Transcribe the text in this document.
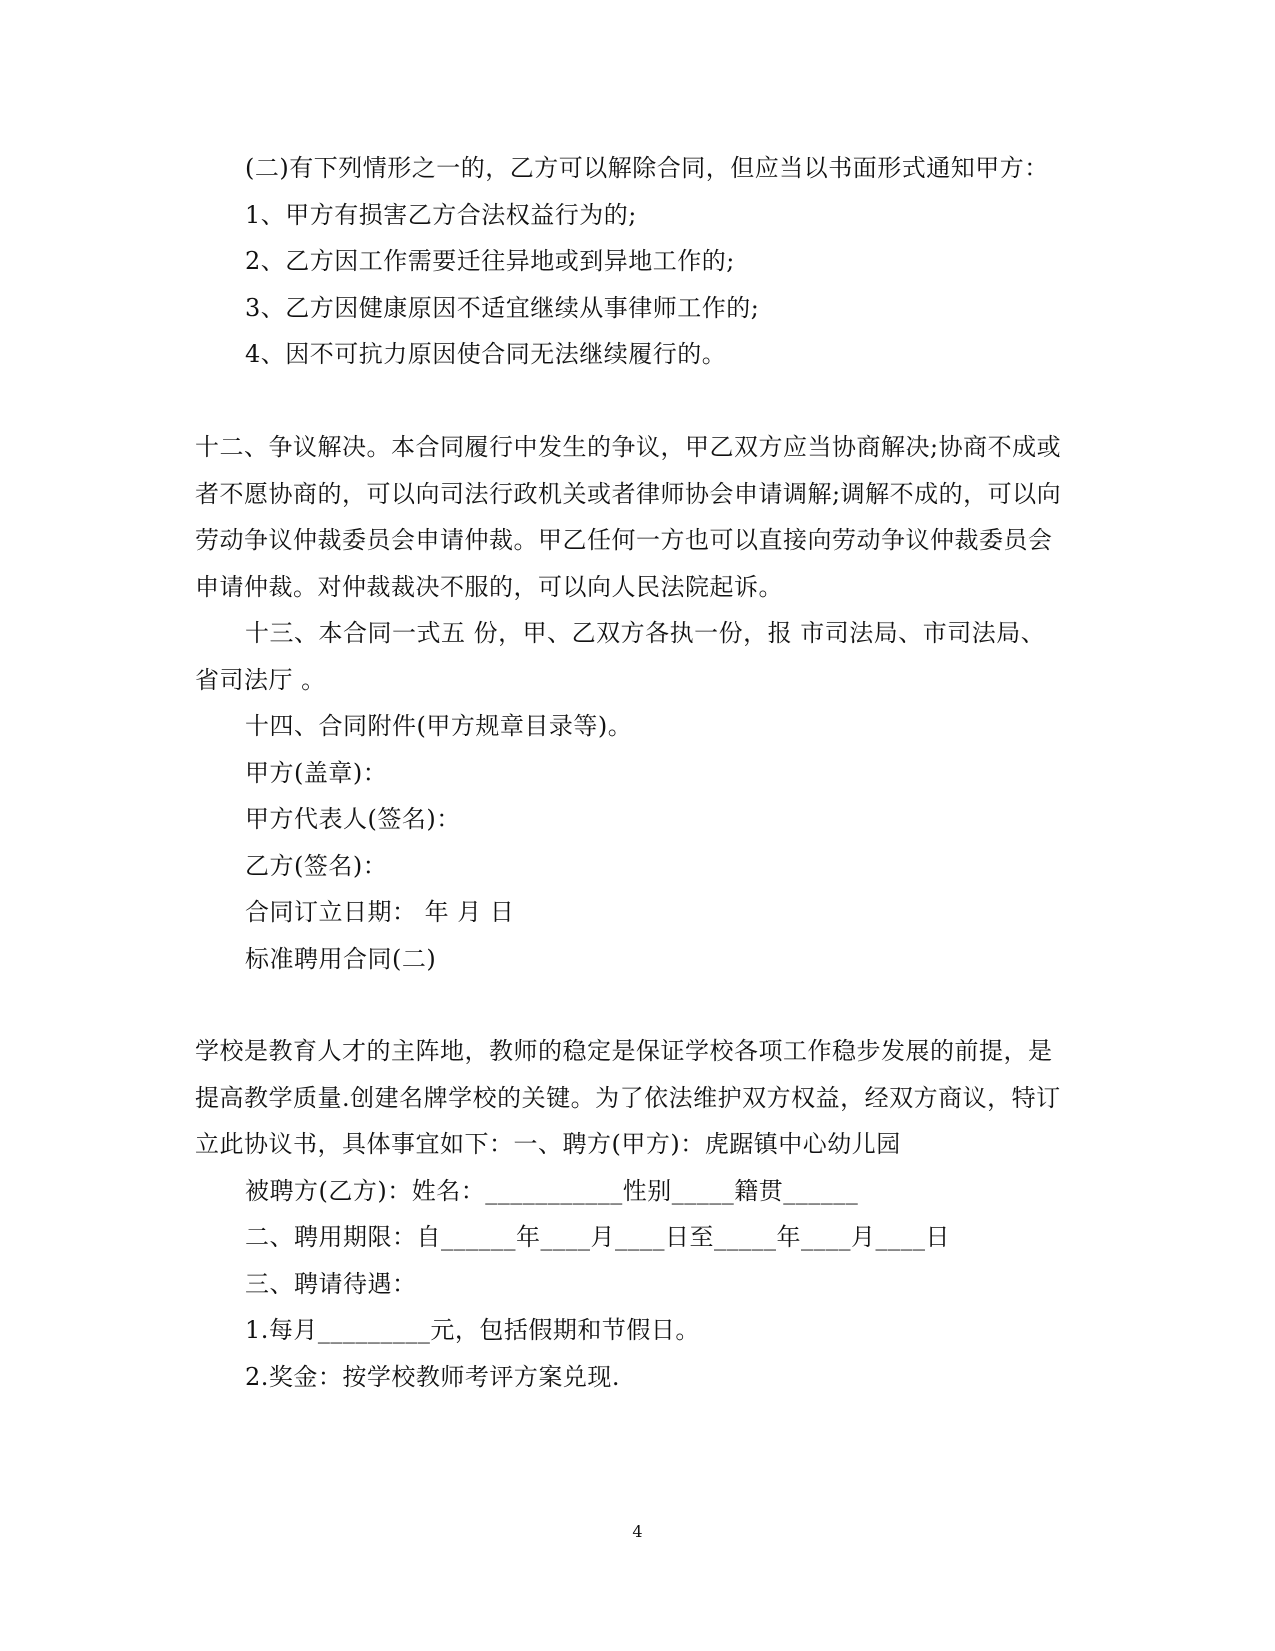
(二)有下列情形之一的，乙方可以解除合同，但应当以书面形式通知甲方：
1、甲方有损害乙方合法权益行为的;
2、乙方因工作需要迁往异地或到异地工作的;
3、乙方因健康原因不适宜继续从事律师工作的;
4、因不可抗力原因使合同无法继续履行的。
十二、争议解决。本合同履行中发生的争议，甲乙双方应当协商解决;协商不成或
者不愿协商的，可以向司法行政机关或者律师协会申请调解;调解不成的，可以向
劳动争议仲裁委员会申请仲裁。甲乙任何一方也可以直接向劳动争议仲裁委员会
申请仲裁。对仲裁裁决不服的，可以向人民法院起诉。
十三、本合同一式五 份，甲、乙双方各执一份，报 市司法局、市司法局、
省司法厅 。
十四、合同附件(甲方规章目录等)。
甲方(盖章)：
甲方代表人(签名)：
乙方(签名)：
合同订立日期： 年 月 日
标准聘用合同(二)
学校是教育人才的主阵地，教师的稳定是保证学校各项工作稳步发展的前提，是
提高教学质量.创建名牌学校的关键。为了依法维护双方权益，经双方商议，特订
立此协议书，具体事宜如下：一、聘方(甲方)：虎踞镇中心幼儿园
被聘方(乙方)：姓名：___________性别_____籍贯______
二、聘用期限：自______年____月____日至_____年____月____日
三、聘请待遇：
1.每月_________元，包括假期和节假日。
2.奖金：按学校教师考评方案兑现.
4
